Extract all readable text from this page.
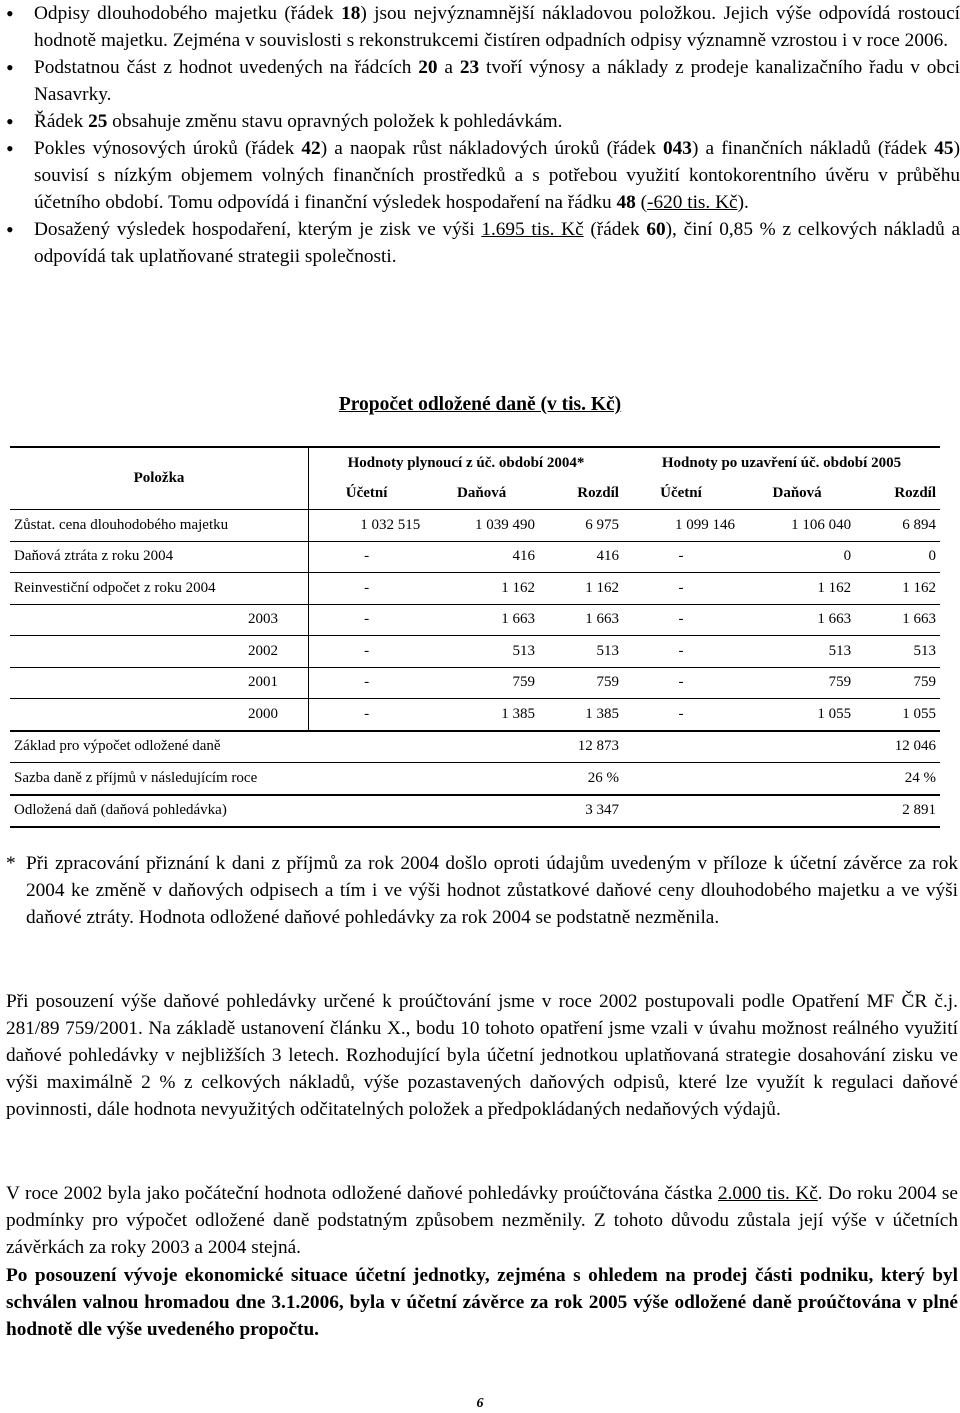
• Odpisy dlouhodobého majetku (řádek 18) jsou nejvýznamnější nákladovou položkou. Jejich výše odpovídá rostoucí hodnotě majetku. Zejména v souvislosti s rekonstrukcemi čistíren odpadních odpisy významně vzrostou i v roce 2006.
• Podstatnou část z hodnot uvedených na řádcích 20 a 23 tvoří výnosy a náklady z prodeje kanalizačního řadu v obci Nasavrky.
• Řádek 25 obsahuje změnu stavu opravných položek k pohledávkám.
• Pokles výnosových úroků (řádek 42) a naopak růst nákladových úroků (řádek 043) a finančních nákladů (řádek 45) souvisí s nízkým objemem volných finančních prostředků a s potřebou využití kontokorentního úvěru v průběhu účetního období. Tomu odpovídá i finanční výsledek hospodaření na řádku 48 (-620 tis. Kč).
• Dosažený výsledek hospodaření, kterým je zisk ve výši 1.695 tis. Kč (řádek 60), činí 0,85 % z celkových nákladů a odpovídá tak uplatňované strategii společnosti.
Propočet odložené daně (v tis. Kč)
Položka	Hodnoty plynoucí z úč. období 2004*			Hodnoty po uzavření úč. období 2005		
	Účetní	Daňová	Rozdíl	Účetní	Daňová	Rozdíl
Zůstat. cena dlouhodobého majetku	1 032 515	1 039 490	6 975	1 099 146	1 106 040	6 894
Daňová ztráta z roku 2004	-	416	416	-	0	0
Reinvestiční odpočet z roku 2004	-	1 162	1 162	-	1 162	1 162
2003	-	1 663	1 663	-	1 663	1 663
2002	-	513	513	-	513	513
2001	-	759	759	-	759	759
2000	-	1 385	1 385	-	1 055	1 055
Základ pro výpočet odložené daně			12 873			12 046
Sazba daně z příjmů v následujícím roce			26 %			24 %
Odložená daň (daňová pohledávka)			3 347			2 891
* Při zpracování přiznání k dani z příjmů za rok 2004 došlo oproti údajům uvedeným v příloze k účetní závěrce za rok 2004 ke změně v daňových odpisech a tím i ve výši hodnot zůstatkové daňové ceny dlouhodobého majetku a ve výši daňové ztráty. Hodnota odložené daňové pohledávky za rok 2004 se podstatně nezměnila.

Při posouzení výše daňové pohledávky určené k proúčtování jsme v roce 2002 postupovali podle Opatření MF ČR č.j. 281/89 759/2001. Na základě ustanovení článku X., bodu 10 tohoto opatření jsme vzali v úvahu možnost reálného využití daňové pohledávky v nejbližších 3 letech. Rozhodující byla účetní jednotkou uplatňovaná strategie dosahování zisku ve výši maximálně 2 % z celkových nákladů, výše pozastavených daňových odpisů, které lze využít k regulaci daňové povinnosti, dále hodnota nevyužitých odčitatelných položek a předpokládaných nedaňových výdajů.

V roce 2002 byla jako počáteční hodnota odložené daňové pohledávky proúčtována částka 2.000 tis. Kč. Do roku 2004 se podmínky pro výpočet odložené daně podstatným způsobem nezměnily. Z tohoto důvodu zůstala její výše v účetních závěrkách za roky 2003 a 2004 stejná.

Po posouzení vývoje ekonomické situace účetní jednotky, zejména s ohledem na prodej části podniku, který byl schválen valnou hromadou dne 3.1.2006, byla v účetní závěrce za rok 2005 výše odložené daně proúčtována v plné hodnotě dle výše uvedeného propočtu.

6
